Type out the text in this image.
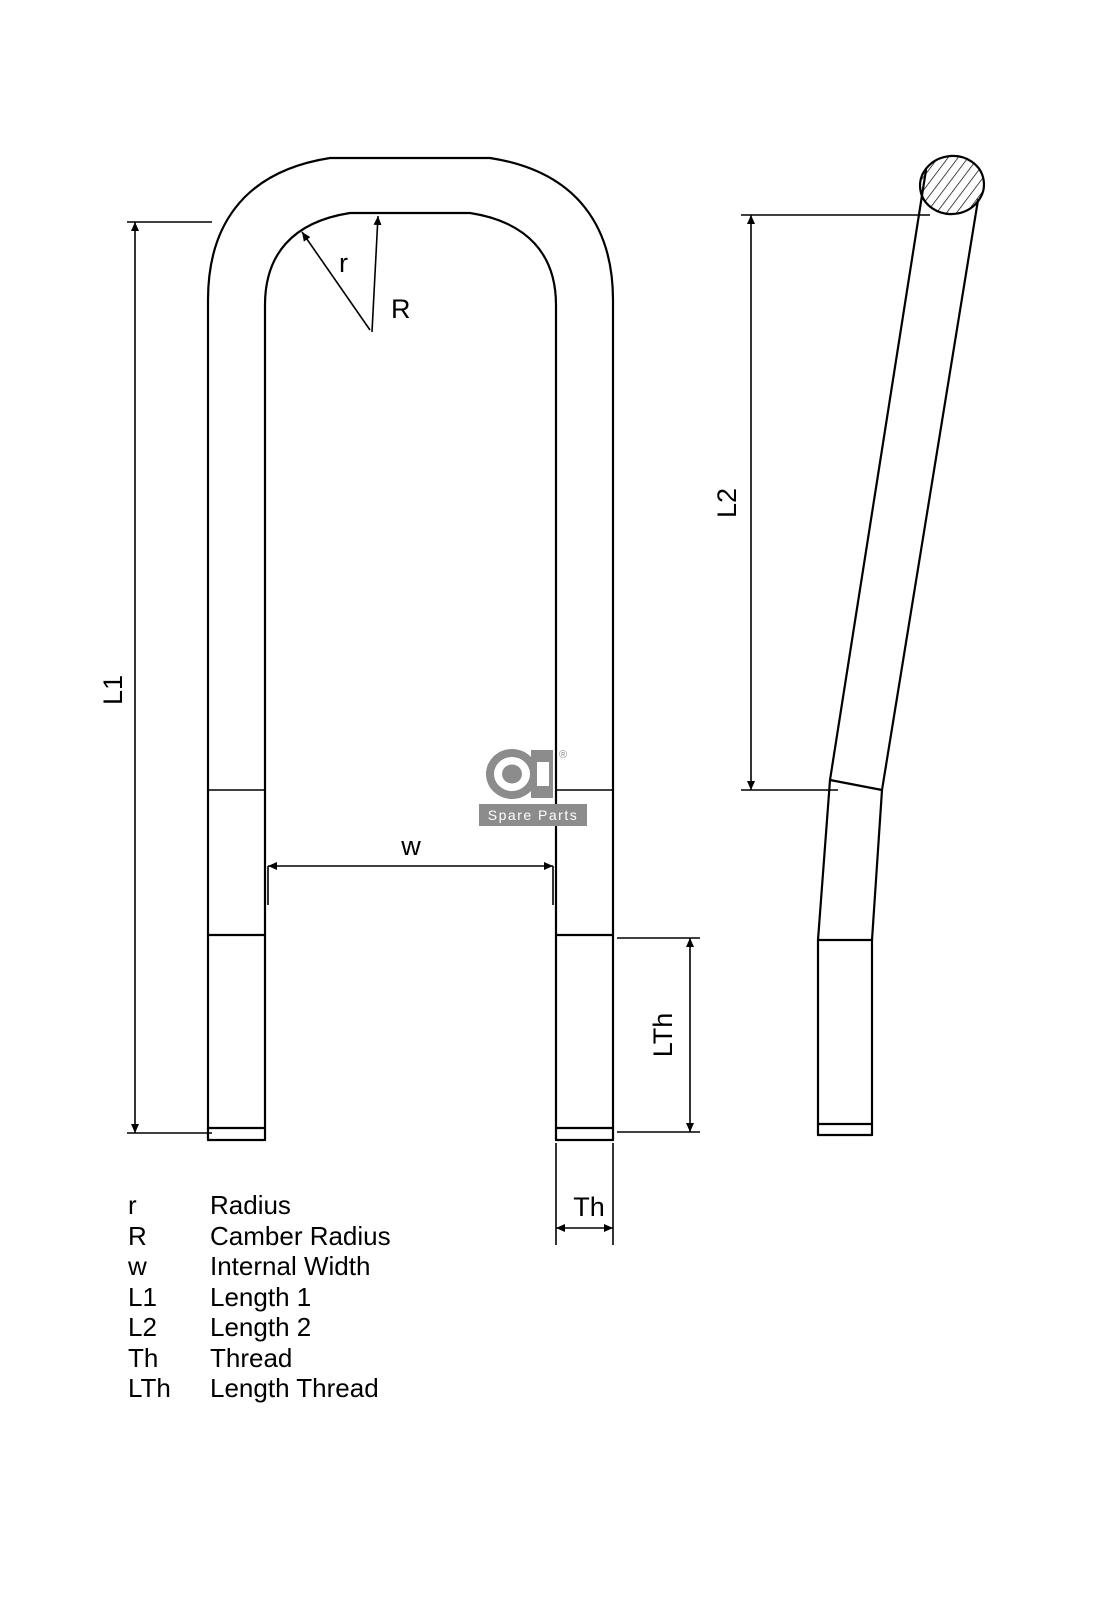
L1
w
r
R
Th
LTh
L2
®
Spare Parts
r	Radius
R	Camber Radius
w	Internal Width
L1	Length 1
L2	Length 2
Th	Thread
LTh	Length Thread
